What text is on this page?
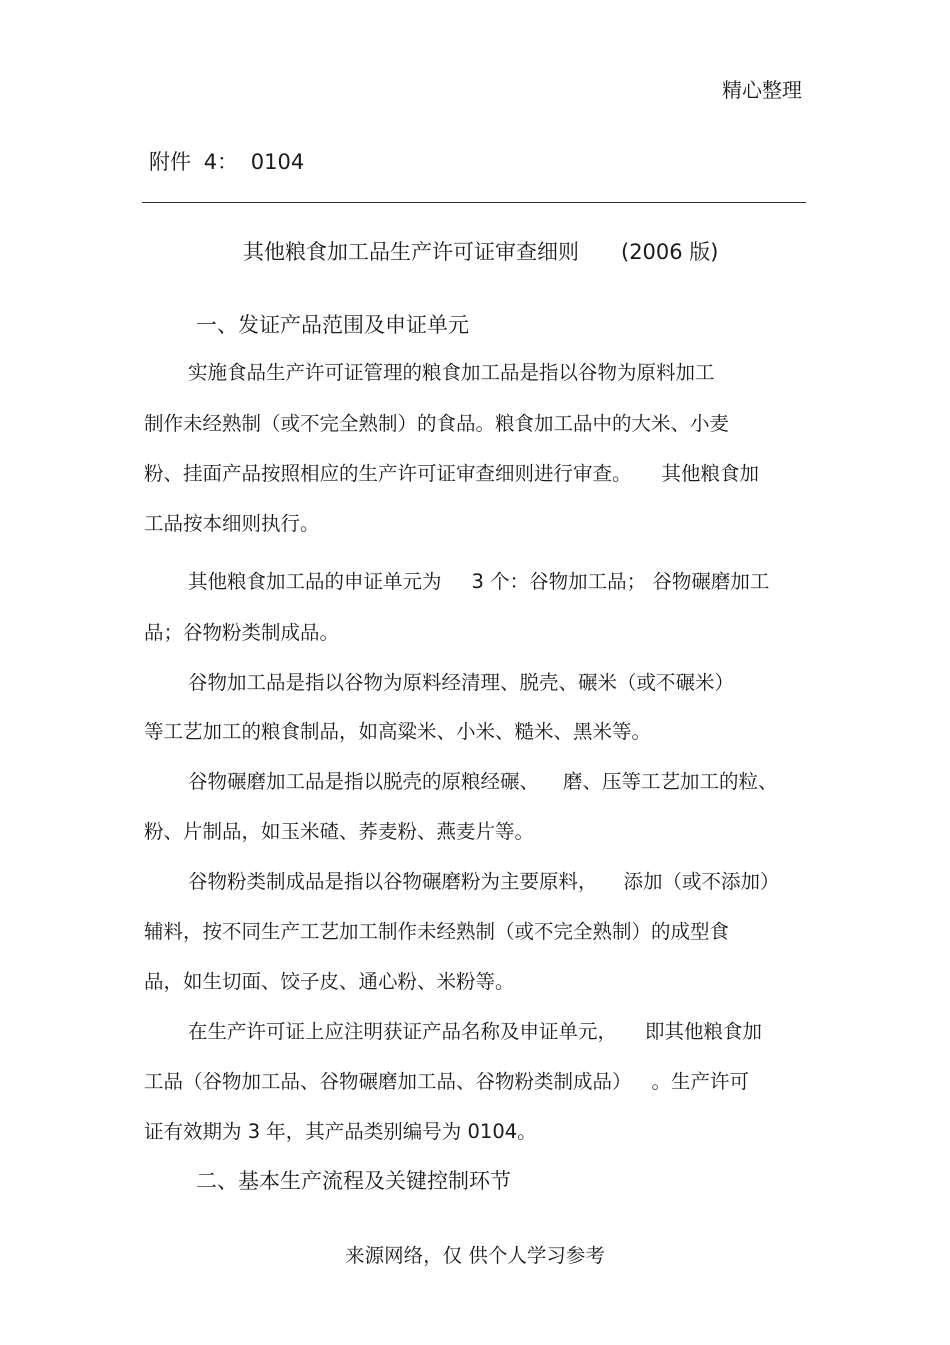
精心整理
附件 4： 0104
其他粮食加工品生产许可证审查细则 (2006 版)
一、发证产品范围及申证单元
实施食品生产许可证管理的粮食加工品是指以谷物为原料加工
制作未经熟制（或不完全熟制）的食品。粮食加工品中的大米、小麦
粉、挂面产品按照相应的生产许可证审查细则进行审查。 其他粮食加
工品按本细则执行。
其他粮食加工品的申证单元为 3 个：谷物加工品； 谷物碾磨加工
品；谷物粉类制成品。
谷物加工品是指以谷物为原料经清理、脱壳、碾米（或不碾米）
等工艺加工的粮食制品，如高粱米、小米、糙米、黑米等。
谷物碾磨加工品是指以脱壳的原粮经碾、 磨、压等工艺加工的粒、
粉、片制品，如玉米碴、荞麦粉、燕麦片等。
谷物粉类制成品是指以谷物碾磨粉为主要原料， 添加（或不添加）
辅料，按不同生产工艺加工制作未经熟制（或不完全熟制）的成型食
品，如生切面、饺子皮、通心粉、米粉等。
在生产许可证上应注明获证产品名称及申证单元， 即其他粮食加
工品（谷物加工品、谷物碾磨加工品、谷物粉类制成品） 。生产许可
证有效期为 3 年，其产品类别编号为 0104。
二、基本生产流程及关键控制环节
来源网络，仅 供个人学习参考
